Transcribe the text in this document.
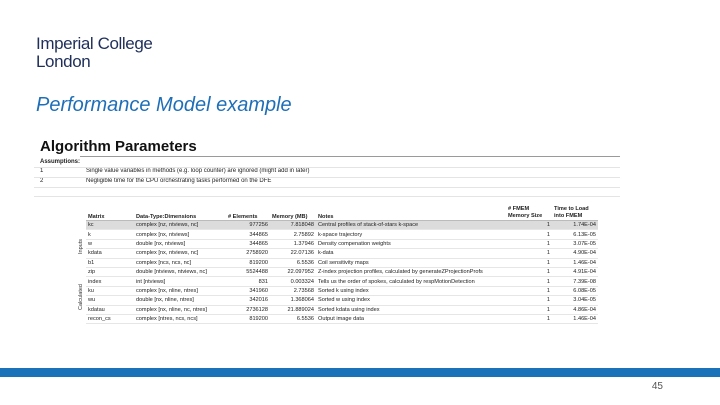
Imperial College
London
Performance Model example
Algorithm Parameters
Assumptions:
1	Single value variables in methods (e.g. loop counter) are ignored (might add in later)
2	Negligible time for the CPU orchestrating tasks performed on the DFE
Inputs
Calculated
Matrix	Data-Type:Dimensions	# Elements	Memory (MB)	Notes	# FMEM Memory Size	Time to Load into FMEM
kc	complex [nz, ntviews, nc]	977256	7.818048	Central profiles of stack-of-stars k-space	1	1.74E-04
k	complex [nx, ntviews]	344865	2.75892	k-space trajectory	1	6.13E-05
w	double [nx, ntviews]	344865	1.37946	Density compenation weights	1	3.07E-05
kdata	complex [nx, ntviews, nc]	2758920	22.07136	k-data	1	4.90E-04
b1	complex [ncs, ncs, nc]	819200	6.5536	Coil sensitivity maps	1	1.46E-04
zip	double [ntviews, ntviews, nc]	5524488	22.097952	Z-index projection profiles, calculated by generateZProjectionProfs	1	4.91E-04
index	int [ntviews]	831	0.003324	Tells us the order of spokes, calculated by respMotionDetection	1	7.39E-08
ku	complex [nx, nline, ntres]	341960	2.73568	Sorted k using index	1	6.08E-05
wu	double [nx, nline, ntres]	342016	1.368064	Sorted w using index	1	3.04E-05
kdatau	complex [nx, nline, nc, ntres]	2736128	21.889024	Sorted kdata using index	1	4.86E-04
recon_cs	complex [ntres, ncs, ncs]	819200	6.5536	Output image data	1	1.46E-04
45
